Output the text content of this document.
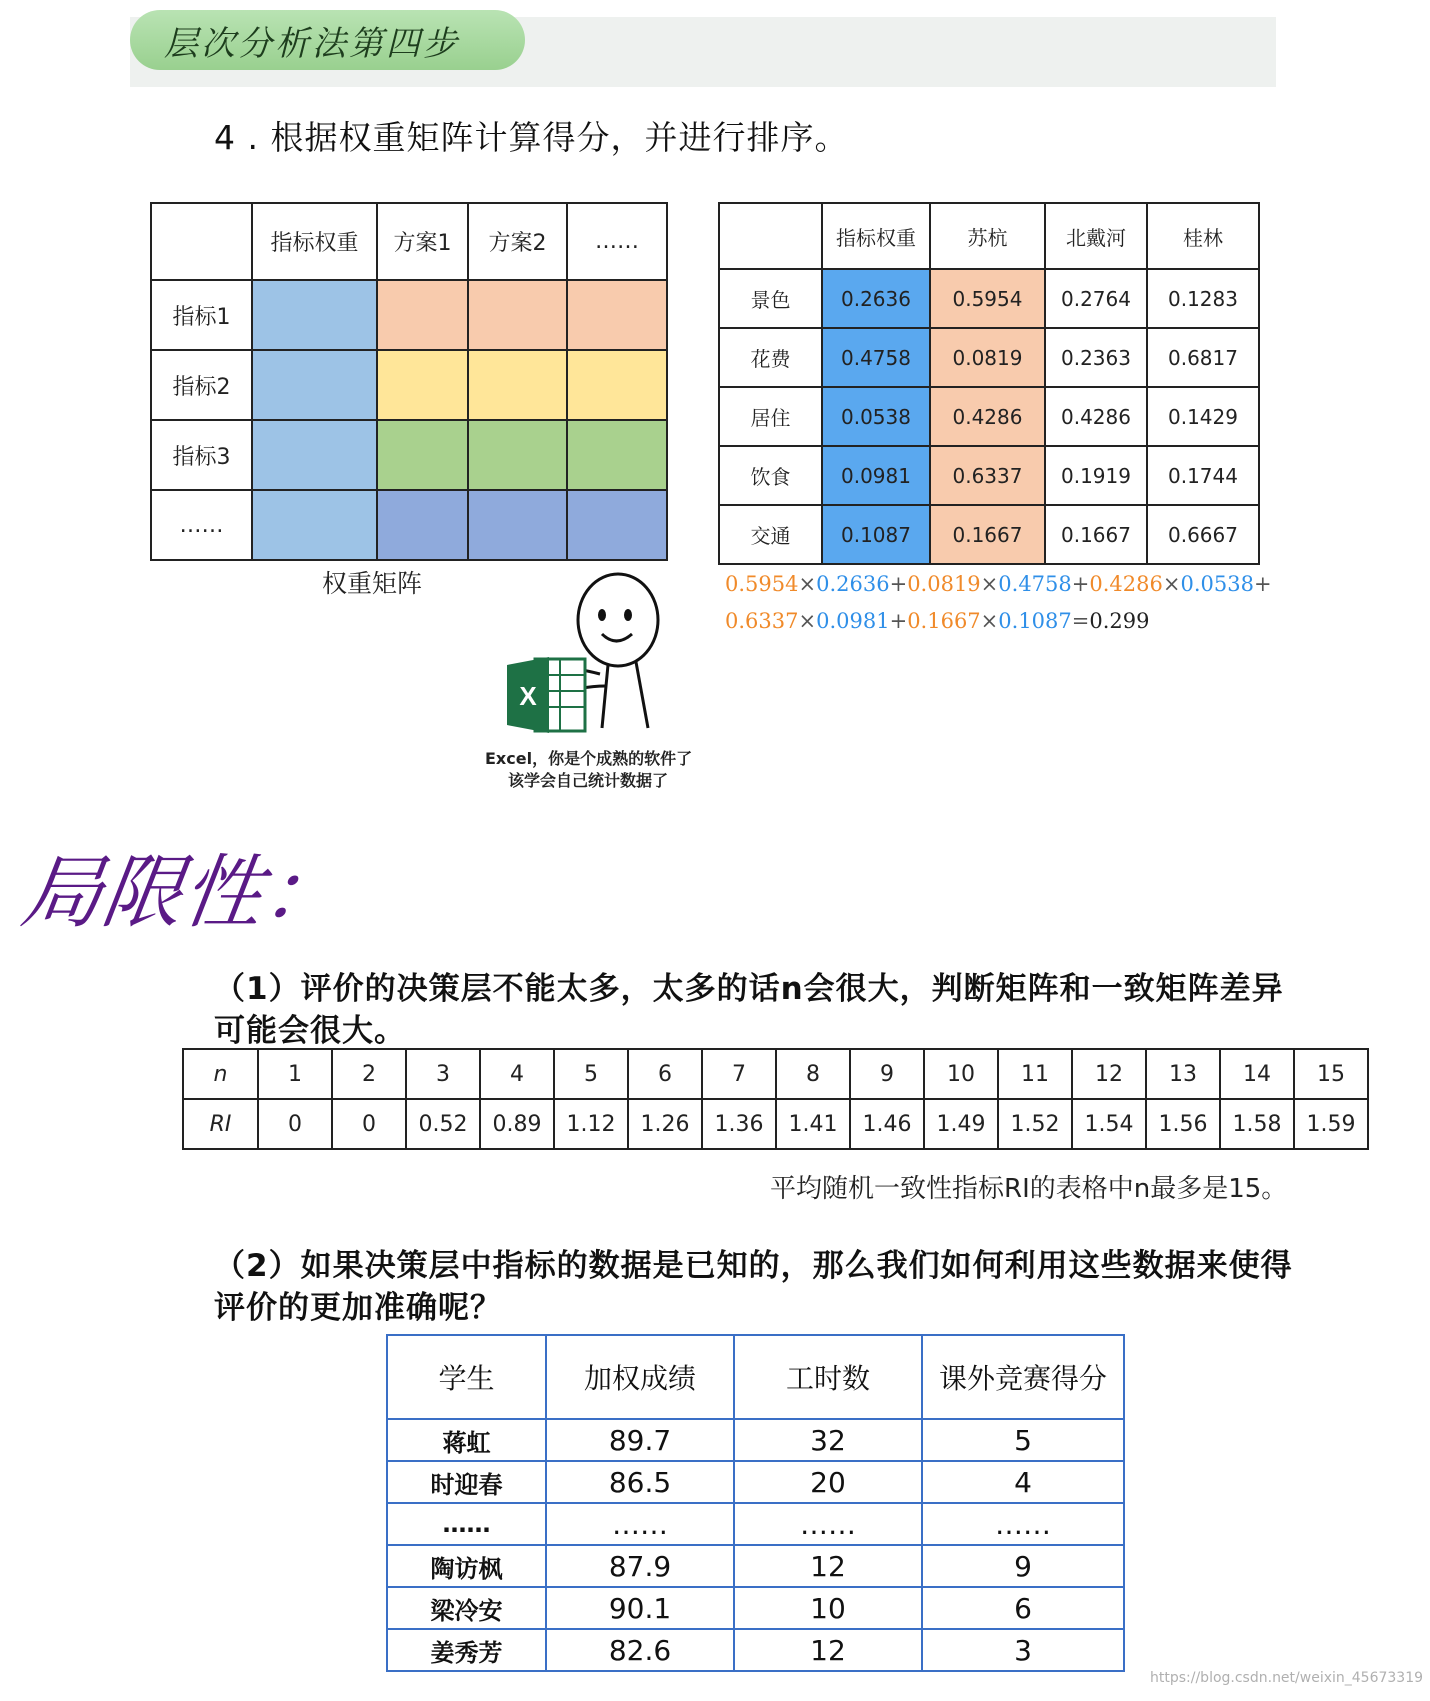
层次分析法第四步
4 . 根据权重矩阵计算得分，并进行排序。
	指标权重	方案1	方案2	……
指标1				
指标2				
指标3				
……				
权重矩阵
	指标权重	苏杭	北戴河	桂林
景色	0.2636	0.5954	0.2764	0.1283
花费	0.4758	0.0819	0.2363	0.6817
居住	0.0538	0.4286	0.4286	0.1429
饮食	0.0981	0.6337	0.1919	0.1744
交通	0.1087	0.1667	0.1667	0.6667
0.5954×0.2636+0.0819×0.4758+0.4286×0.0538+
0.6337×0.0981+0.1667×0.1087=0.299
X
Excel，你是个成熟的软件了
该学会自己统计数据了
局限性：
（1）评价的决策层不能太多，太多的话n会很大，判断矩阵和一致矩阵差异
可能会很大。
n	1	2	3	4	5	6	7	8	9	10	11	12	13	14	15
RI	0	0	0.52	0.89	1.12	1.26	1.36	1.41	1.46	1.49	1.52	1.54	1.56	1.58	1.59
平均随机一致性指标RI的表格中n最多是15。
（2）如果决策层中指标的数据是已知的，那么我们如何利用这些数据来使得
评价的更加准确呢？
学生	加权成绩	工时数	课外竞赛得分
蒋虹	89.7	32	5
时迎春	86.5	20	4
……	……	……	……
陶访枫	87.9	12	9
梁冷安	90.1	10	6
姜秀芳	82.6	12	3
https://blog.csdn.net/weixin_45673319
